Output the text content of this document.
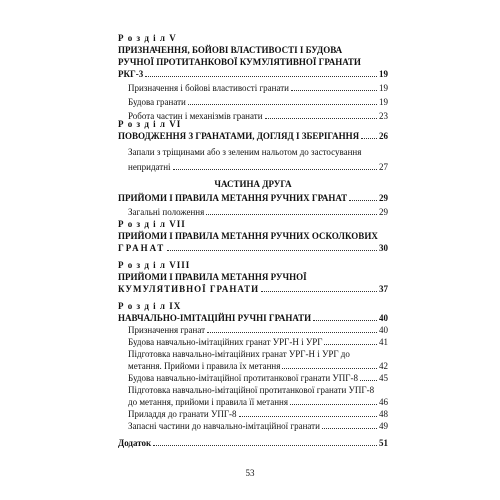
Р о з д і л V
ПРИЗНАЧЕННЯ, БОЙОВІ ВЛАСТИВОСТІ І БУДОВА
РУЧНОЇ ПРОТИТАНКОВОЇ КУМУЛЯТИВНОЇ ГРАНАТИ
РКГ-3	19
Призначення і бойові властивості гранати	19
Будова гранати	19
Робота частин і механізмів гранати	23
Р о з д і л VI
ПОВОДЖЕННЯ З ГРАНАТАМИ, ДОГЛЯД І ЗБЕРІГАННЯ 26
Запали з тріщинами або з зеленим нальотом до застосування
непридатні	27
ЧАСТИНА ДРУГА
ПРИЙОМИ І ПРАВИЛА МЕТАННЯ РУЧНИХ ГРАНАТ	29
Загальні положення	29
Р о з д і л VII
ПРИЙОМИ І ПРАВИЛА МЕТАННЯ РУЧНИХ ОСКОЛКОВИХ
ГРАНАТ	30
Р о з д і л VIII
ПРИЙОМИ І ПРАВИЛА МЕТАННЯ РУЧНОЇ
КУМУЛЯТИВНОЇ ГРАНАТИ	37
Р о з д і л IX
НАВЧАЛЬНО-ІМІТАЦІЙНІ РУЧНІ ГРАНАТИ	40
Призначення гранат	40
Будова навчально-імітаційних гранат УРГ-Н і УРГ	41
Підготовка навчально-імітаційних гранат УРГ-Н і УРГ до
метання. Прийоми і правила їх метання	42
Будова навчально-імітаційної протитанкової гранати УПГ-8 45
Підготовка навчально-імітаційної протитанкової гранати УПГ-8
до метання, прийоми і правила її метання	46
Приладдя до гранати УПГ-8	48
Запасні частини до навчально-імітаційної гранати	49
Додаток	51
53
